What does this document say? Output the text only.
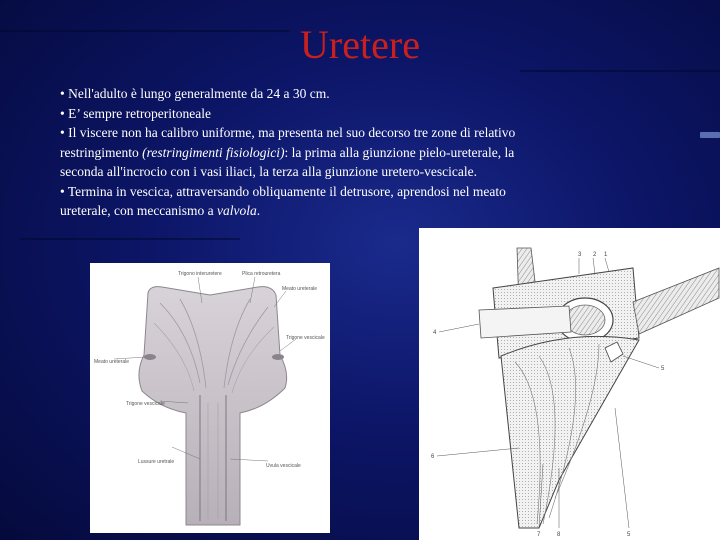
Uretere

• Nell'adulto è lungo generalmente da 24 a 30 cm.

• E’ sempre retroperitoneale

• Il viscere non ha calibro uniforme, ma presenta nel suo decorso tre zone di relativo
restringimento (restringimenti fisiologici): la prima alla giunzione pielo-ureterale, la
seconda all'incrocio con i vasi iliaci, la terza alla giunzione uretero-vescicale.

• Termina in vescica, attraversando obliquamente il detrusore, aprendosi nel meato
ureterale, con meccanismo a valvola.

Trigono interuretere	Plica retrouretera
Meato ureterale
Trigone vescicale
Meato ureterale
Trigone vescicale
Uvula vescicale
Lussure uretrale
1
2
3
4
5
6
7	8	5
